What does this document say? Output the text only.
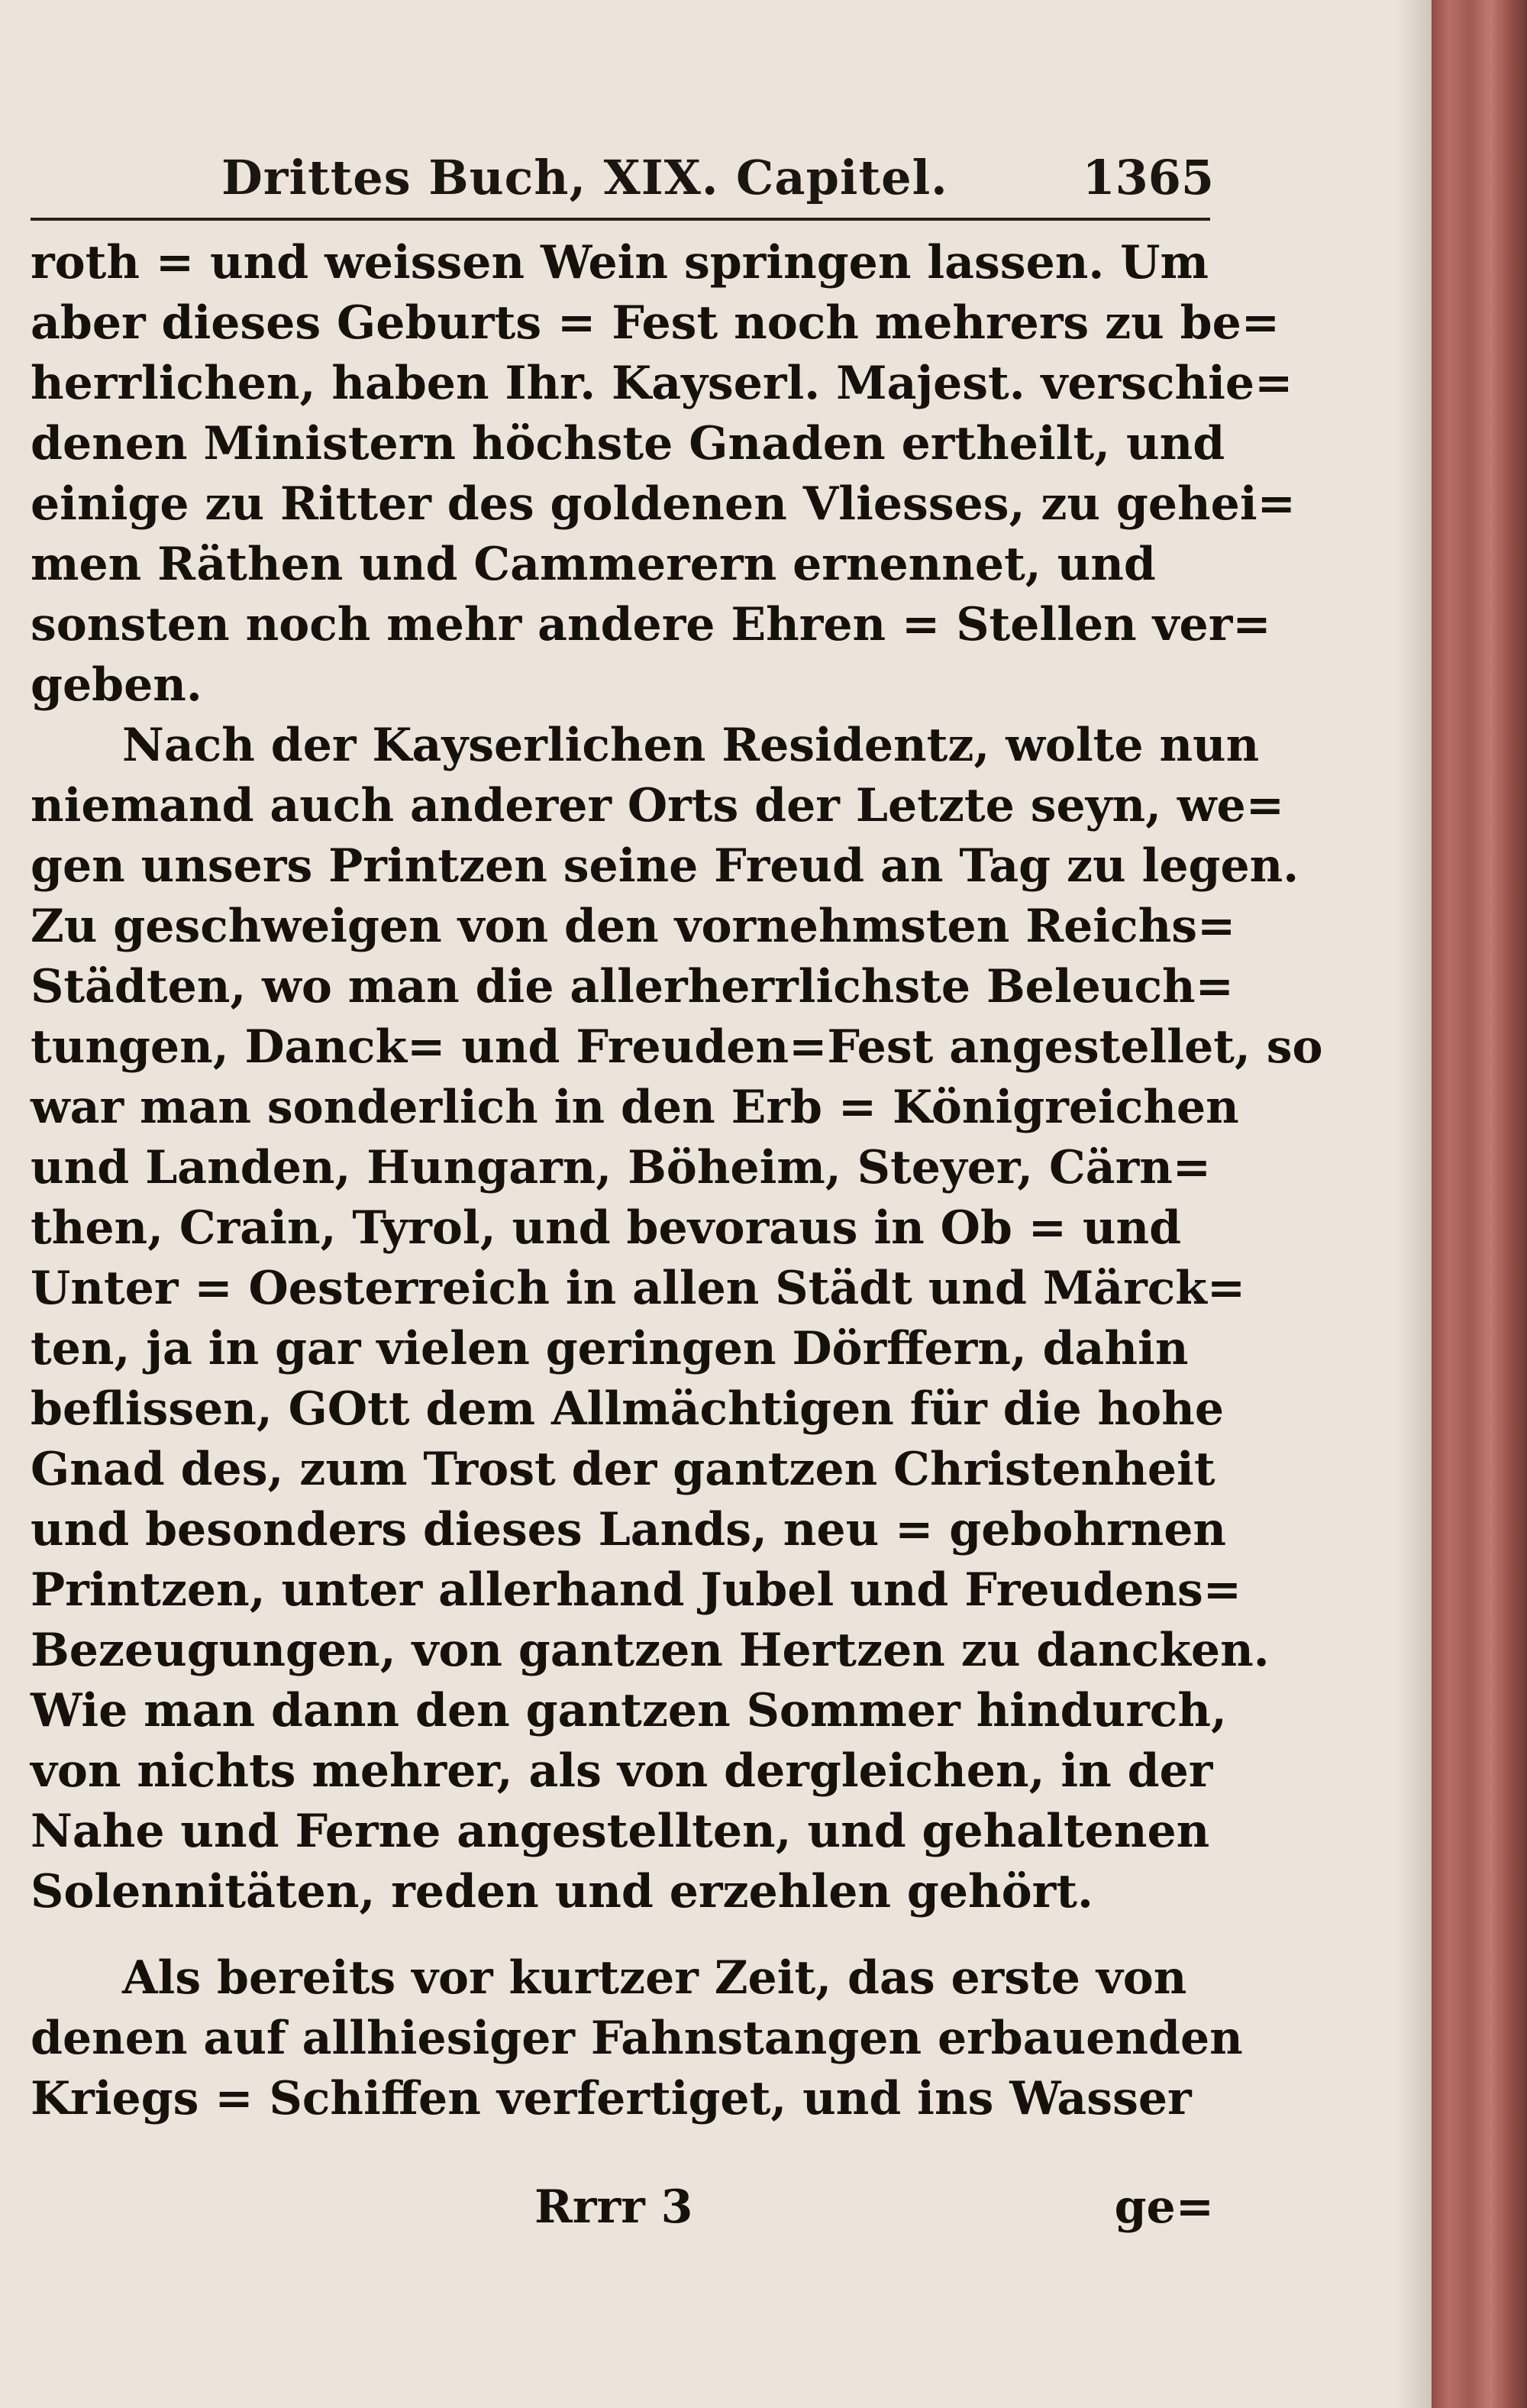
Drittes Buch, XIX. Capitel.	1365
roth = und weissen Wein springen lassen. Um
aber dieses Geburts = Fest noch mehrers zu be=
herrlichen, haben Ihr. Kayserl. Majest. verschie=
denen Ministern höchste Gnaden ertheilt, und
einige zu Ritter des goldenen Vliesses, zu gehei=
men Räthen und Cammerern ernennet, und
sonsten noch mehr andere Ehren = Stellen ver=
geben.
Nach der Kayserlichen Residentz, wolte nun
niemand auch anderer Orts der Letzte seyn, we=
gen unsers Printzen seine Freud an Tag zu legen.
Zu geschweigen von den vornehmsten Reichs=
Städten, wo man die allerherrlichste Beleuch=
tungen, Danck= und Freuden=Fest angestellet, so
war man sonderlich in den Erb = Königreichen
und Landen, Hungarn, Böheim, Steyer, Cärn=
then, Crain, Tyrol, und bevoraus in Ob = und
Unter = Oesterreich in allen Städt und Märck=
ten, ja in gar vielen geringen Dörffern, dahin
beflissen, GOtt dem Allmächtigen für die hohe
Gnad des, zum Trost der gantzen Christenheit
und besonders dieses Lands, neu = gebohrnen
Printzen, unter allerhand Jubel und Freudens=
Bezeugungen, von gantzen Hertzen zu dancken.
Wie man dann den gantzen Sommer hindurch,
von nichts mehrer, als von dergleichen, in der
Nahe und Ferne angestellten, und gehaltenen
Solennitäten, reden und erzehlen gehört.
Als bereits vor kurtzer Zeit, das erste von
denen auf allhiesiger Fahnstangen erbauenden
Kriegs = Schiffen verfertiget, und ins Wasser
Rrrr 3	ge=
